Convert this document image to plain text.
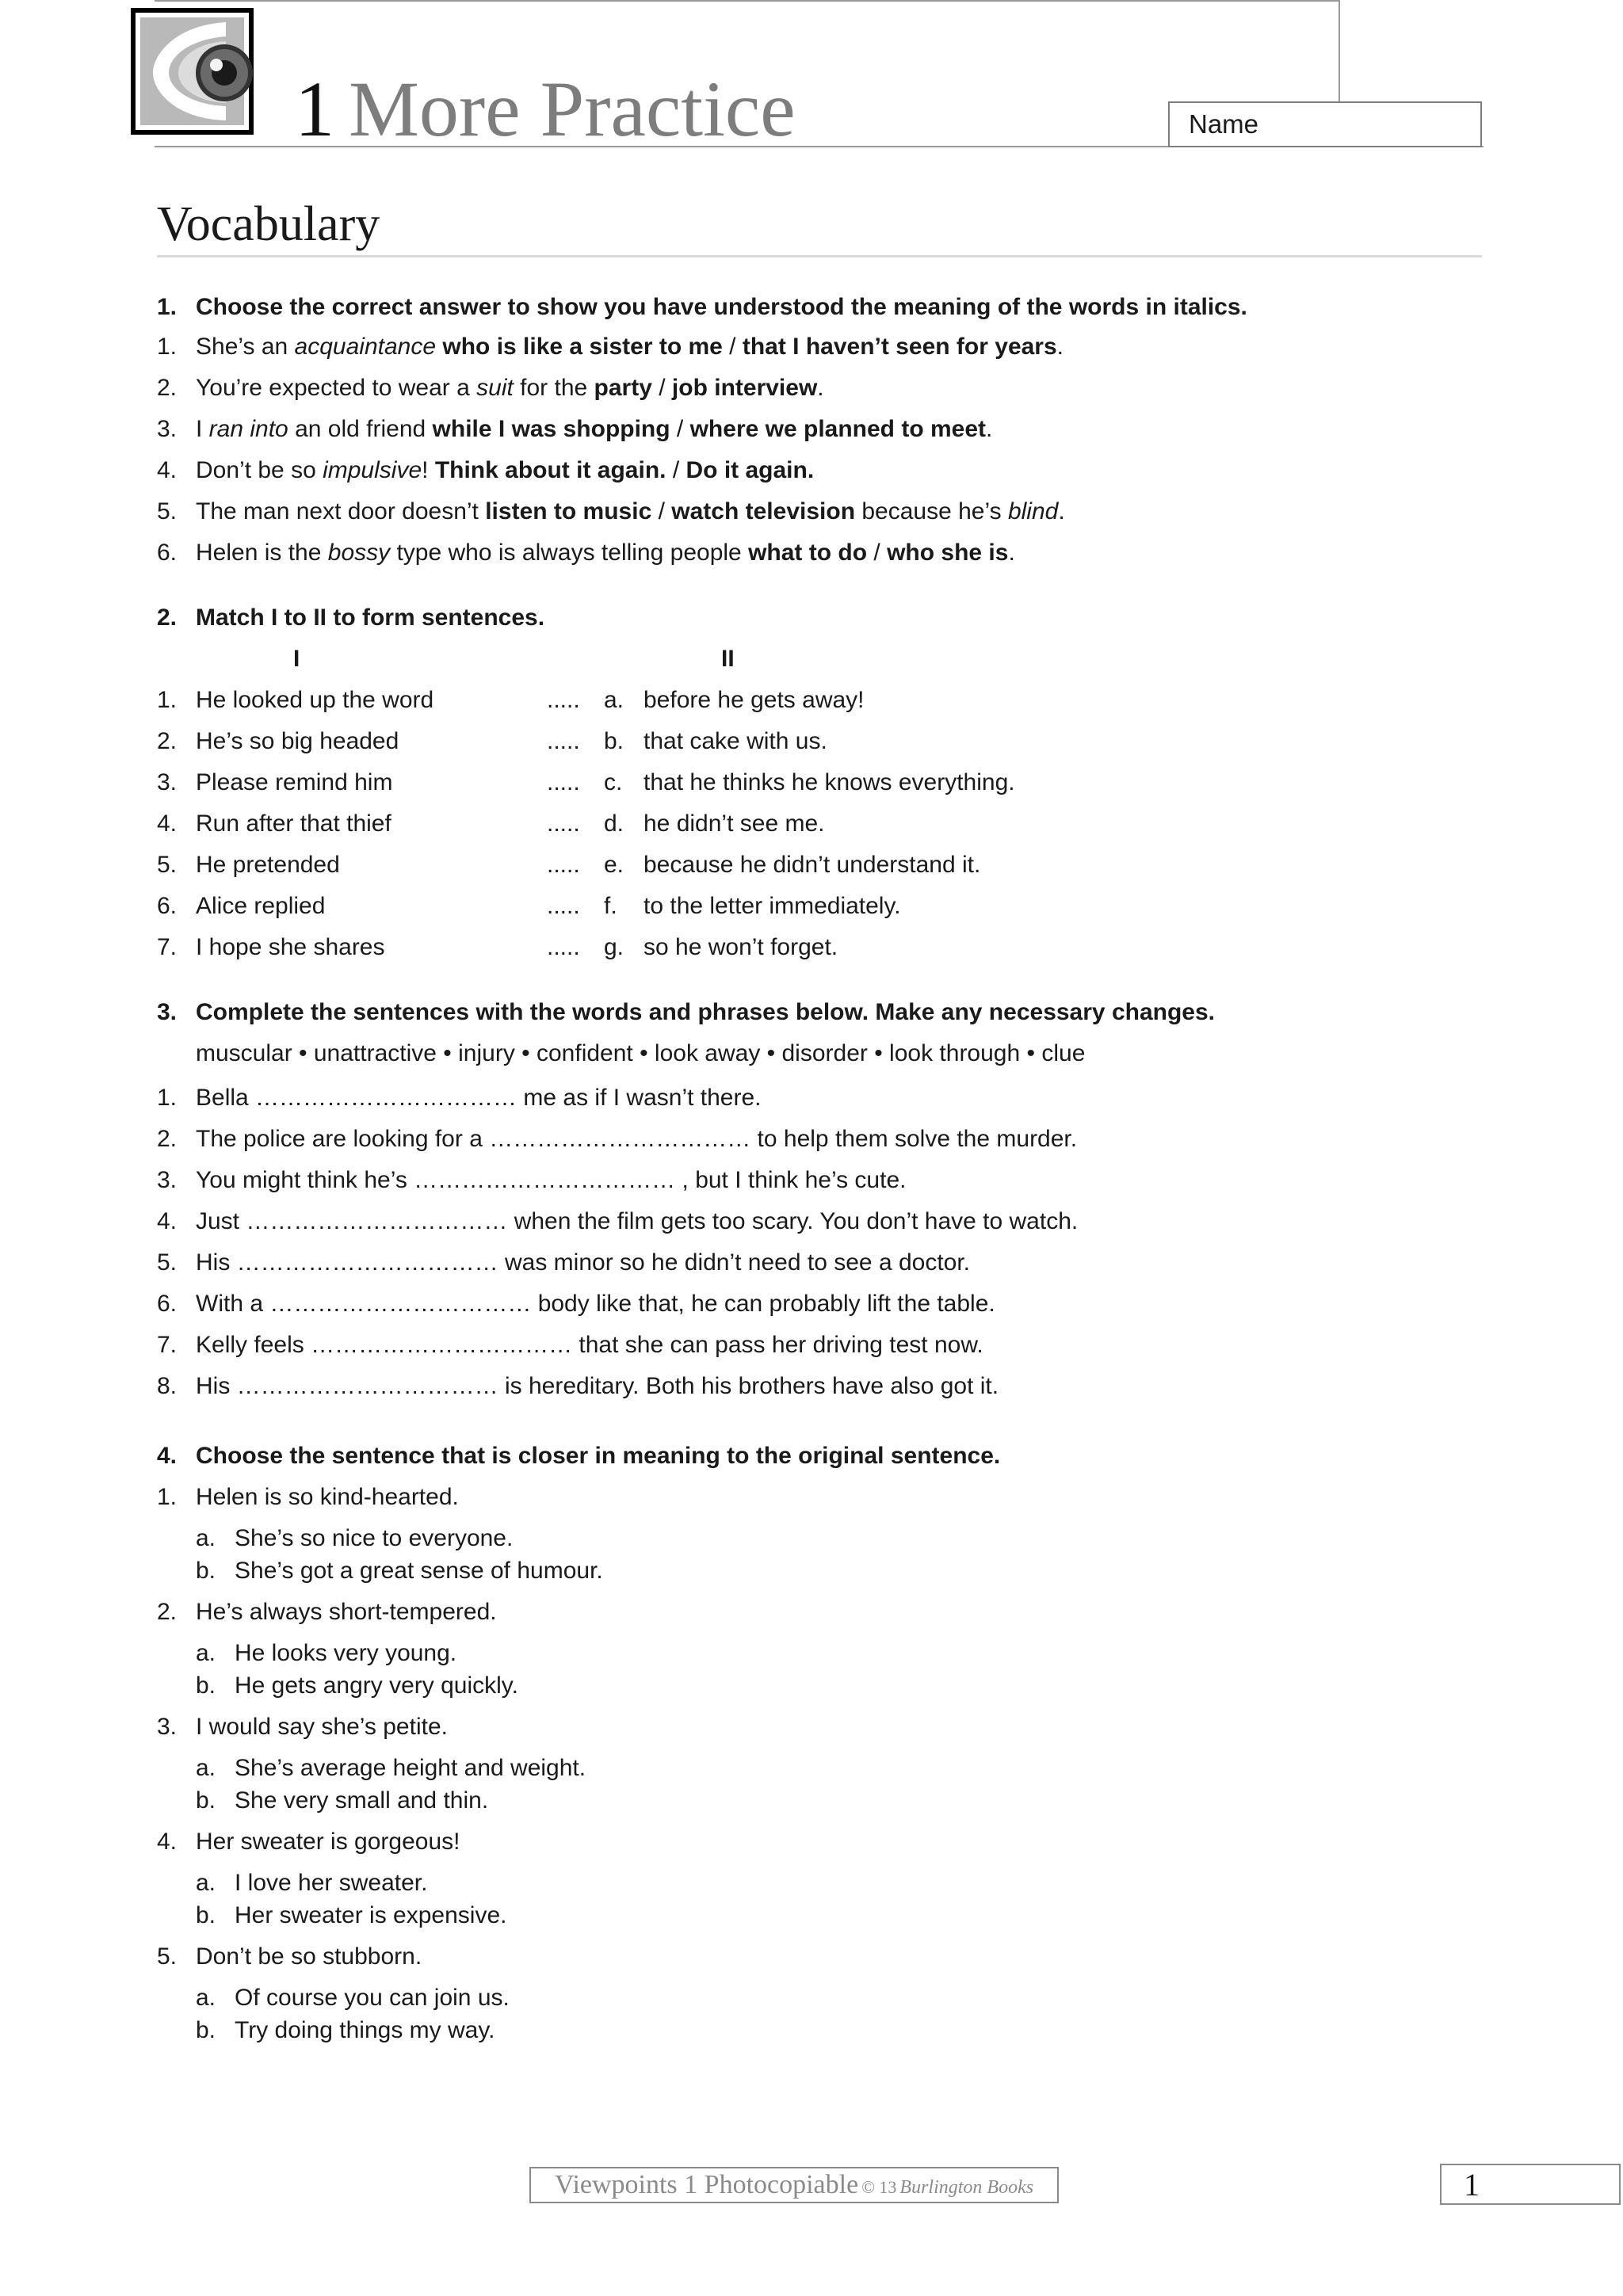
1 More Practice	Name
Vocabulary
1. Choose the correct answer to show you have understood the meaning of the words in italics.
1. She’s an acquaintance who is like a sister to me / that I haven’t seen for years.
2. You’re expected to wear a suit for the party / job interview.
3. I ran into an old friend while I was shopping / where we planned to meet.
4. Don’t be so impulsive! Think about it again. / Do it again.
5. The man next door doesn’t listen to music / watch television because he’s blind.
6. Helen is the bossy type who is always telling people what to do / who she is.
2. Match I to II to form sentences.
I	II
1. He looked up the word	..... a. before he gets away!
2. He’s so big headed	..... b. that cake with us.
3. Please remind him	..... c. that he thinks he knows everything.
4. Run after that thief	..... d. he didn’t see me.
5. He pretended	..... e. because he didn’t understand it.
6. Alice replied	..... f. to the letter immediately.
7. I hope she shares	..... g. so he won’t forget.
3. Complete the sentences with the words and phrases below. Make any necessary changes.
muscular • unattractive • injury • confident • look away • disorder • look through • clue
1. Bella …………………………… me as if I wasn’t there.
2. The police are looking for a …………………………… to help them solve the murder.
3. You might think he’s …………………………… , but I think he’s cute.
4. Just …………………………… when the film gets too scary. You don’t have to watch.
5. His …………………………… was minor so he didn’t need to see a doctor.
6. With a …………………………… body like that, he can probably lift the table.
7. Kelly feels …………………………… that she can pass her driving test now.
8. His …………………………… is hereditary. Both his brothers have also got it.
4. Choose the sentence that is closer in meaning to the original sentence.
1. Helen is so kind-hearted.
a. She’s so nice to everyone.
b. She’s got a great sense of humour.
2. He’s always short-tempered.
a. He looks very young.
b. He gets angry very quickly.
3. I would say she’s petite.
a. She’s average height and weight.
b. She very small and thin.
4. Her sweater is gorgeous!
a. I love her sweater.
b. Her sweater is expensive.
5. Don’t be so stubborn.
a. Of course you can join us.
b. Try doing things my way.
Viewpoints 1 Photocopiable © 13 Burlington Books	1
